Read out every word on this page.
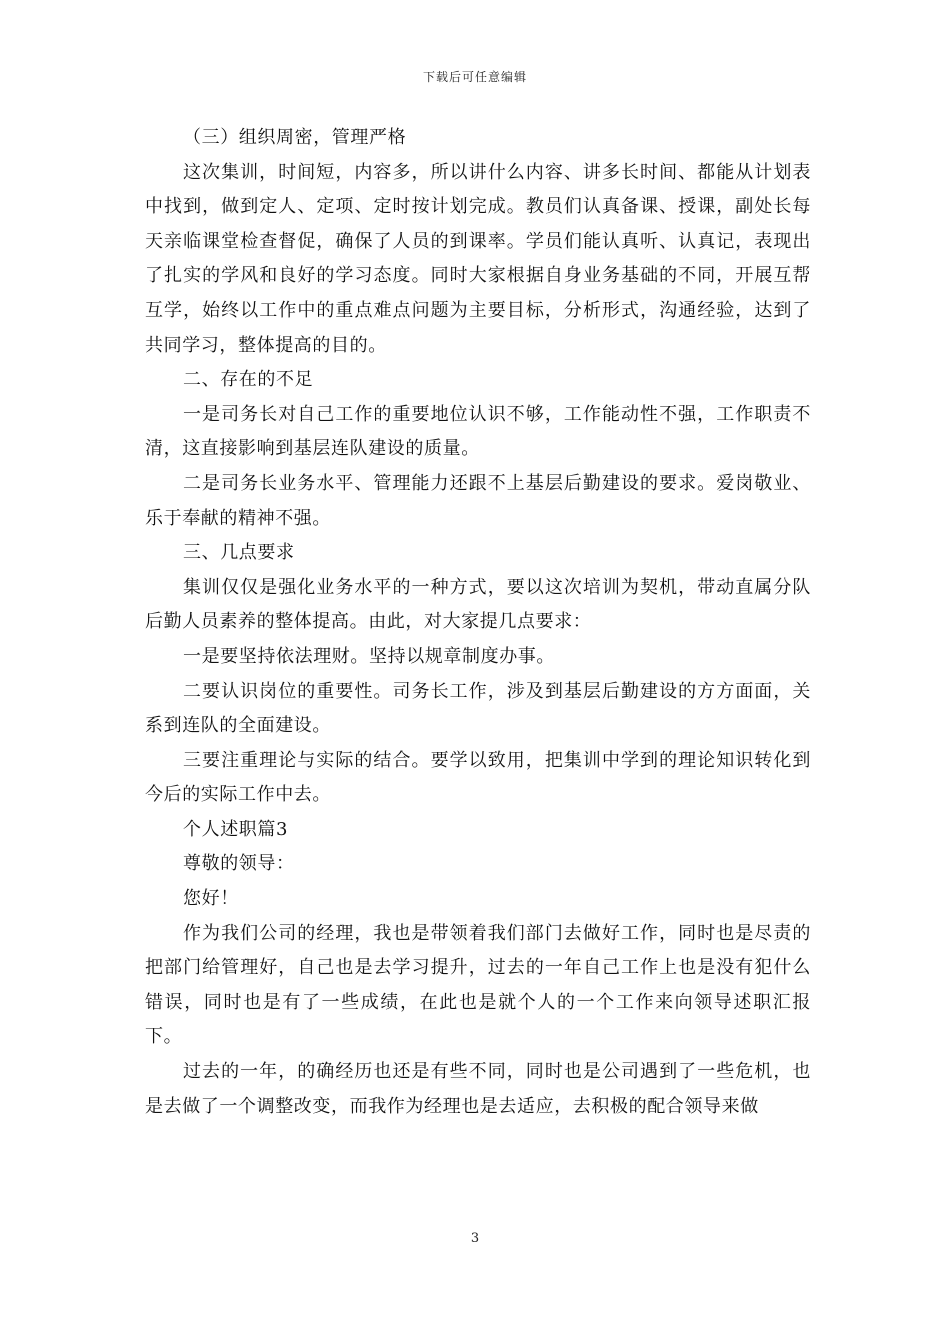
下载后可任意编辑

（三）组织周密，管理严格

这次集训，时间短，内容多，所以讲什么内容、讲多长时间、都能从计划表中找到，做到定人、定项、定时按计划完成。教员们认真备课、授课，副处长每天亲临课堂检查督促，确保了人员的到课率。学员们能认真听、认真记，表现出了扎实的学风和良好的学习态度。同时大家根据自身业务基础的不同，开展互帮互学，始终以工作中的重点难点问题为主要目标，分析形式，沟通经验，达到了共同学习，整体提高的目的。

二、存在的不足

一是司务长对自己工作的重要地位认识不够，工作能动性不强，工作职责不清，这直接影响到基层连队建设的质量。

二是司务长业务水平、管理能力还跟不上基层后勤建设的要求。爱岗敬业、乐于奉献的精神不强。

三、几点要求

集训仅仅是强化业务水平的一种方式，要以这次培训为契机，带动直属分队后勤人员素养的整体提高。由此，对大家提几点要求：

一是要坚持依法理财。坚持以规章制度办事。

二要认识岗位的重要性。司务长工作，涉及到基层后勤建设的方方面面，关系到连队的全面建设。

三要注重理论与实际的结合。要学以致用，把集训中学到的理论知识转化到今后的实际工作中去。

个人述职篇3

尊敬的领导：

您好！

作为我们公司的经理，我也是带领着我们部门去做好工作，同时也是尽责的把部门给管理好，自己也是去学习提升，过去的一年自己工作上也是没有犯什么错误，同时也是有了一些成绩，在此也是就个人的一个工作来向领导述职汇报下。

过去的一年，的确经历也还是有些不同，同时也是公司遇到了一些危机，也是去做了一个调整改变，而我作为经理也是去适应，去积极的配合领导来做

3
